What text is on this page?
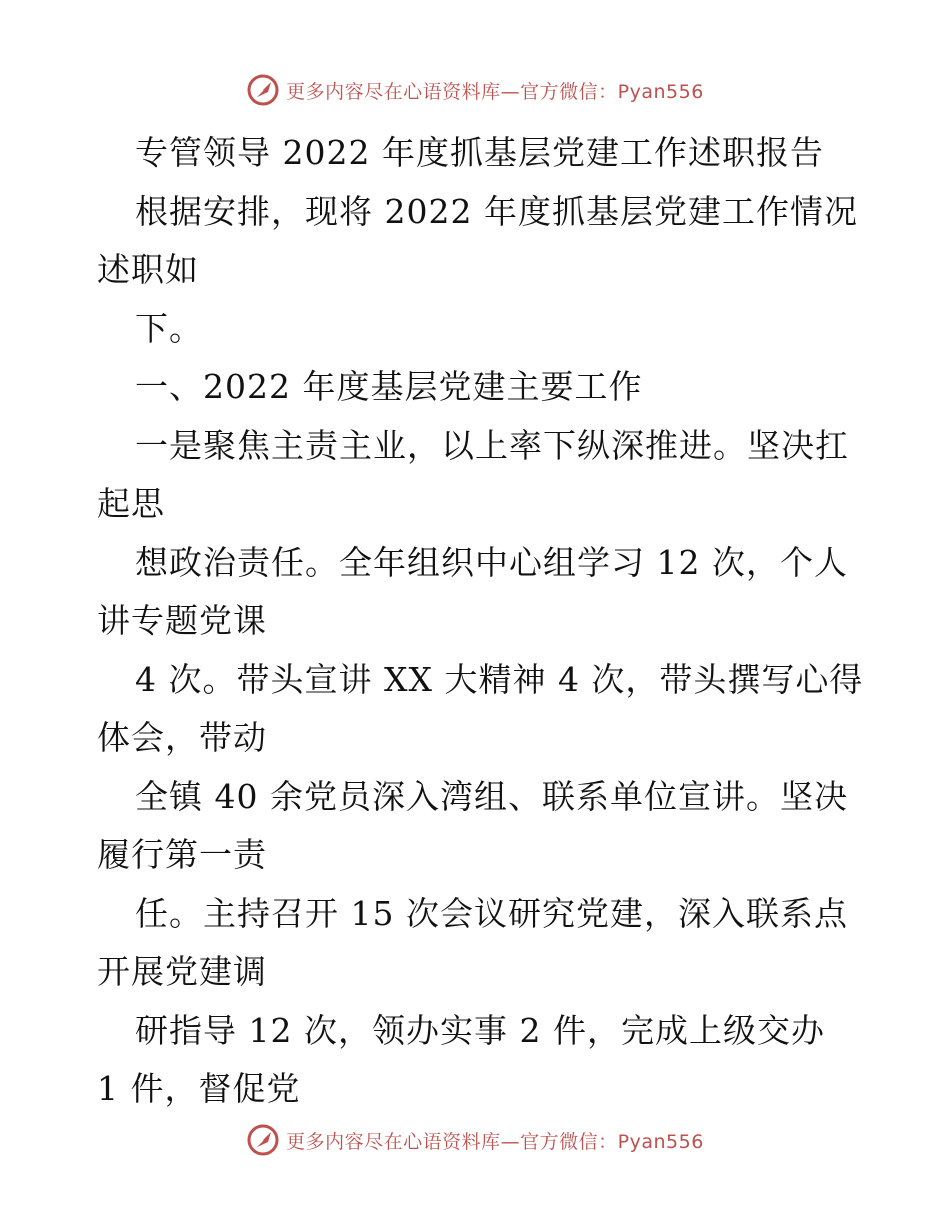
更多内容尽在心语资料库—官方微信：Pyan556
专管领导 2022 年度抓基层党建工作述职报告
根据安排，现将 2022 年度抓基层党建工作情况
述职如
下。
一、2022 年度基层党建主要工作
一是聚焦主责主业，以上率下纵深推进。坚决扛
起思
想政治责任。全年组织中心组学习 12 次，个人
讲专题党课
4 次。带头宣讲 XX 大精神 4 次，带头撰写心得
体会，带动
全镇 40 余党员深入湾组、联系单位宣讲。坚决
履行第一责
任。主持召开 15 次会议研究党建，深入联系点
开展党建调
研指导 12 次，领办实事 2 件，完成上级交办
1 件，督促党
更多内容尽在心语资料库—官方微信：Pyan556
